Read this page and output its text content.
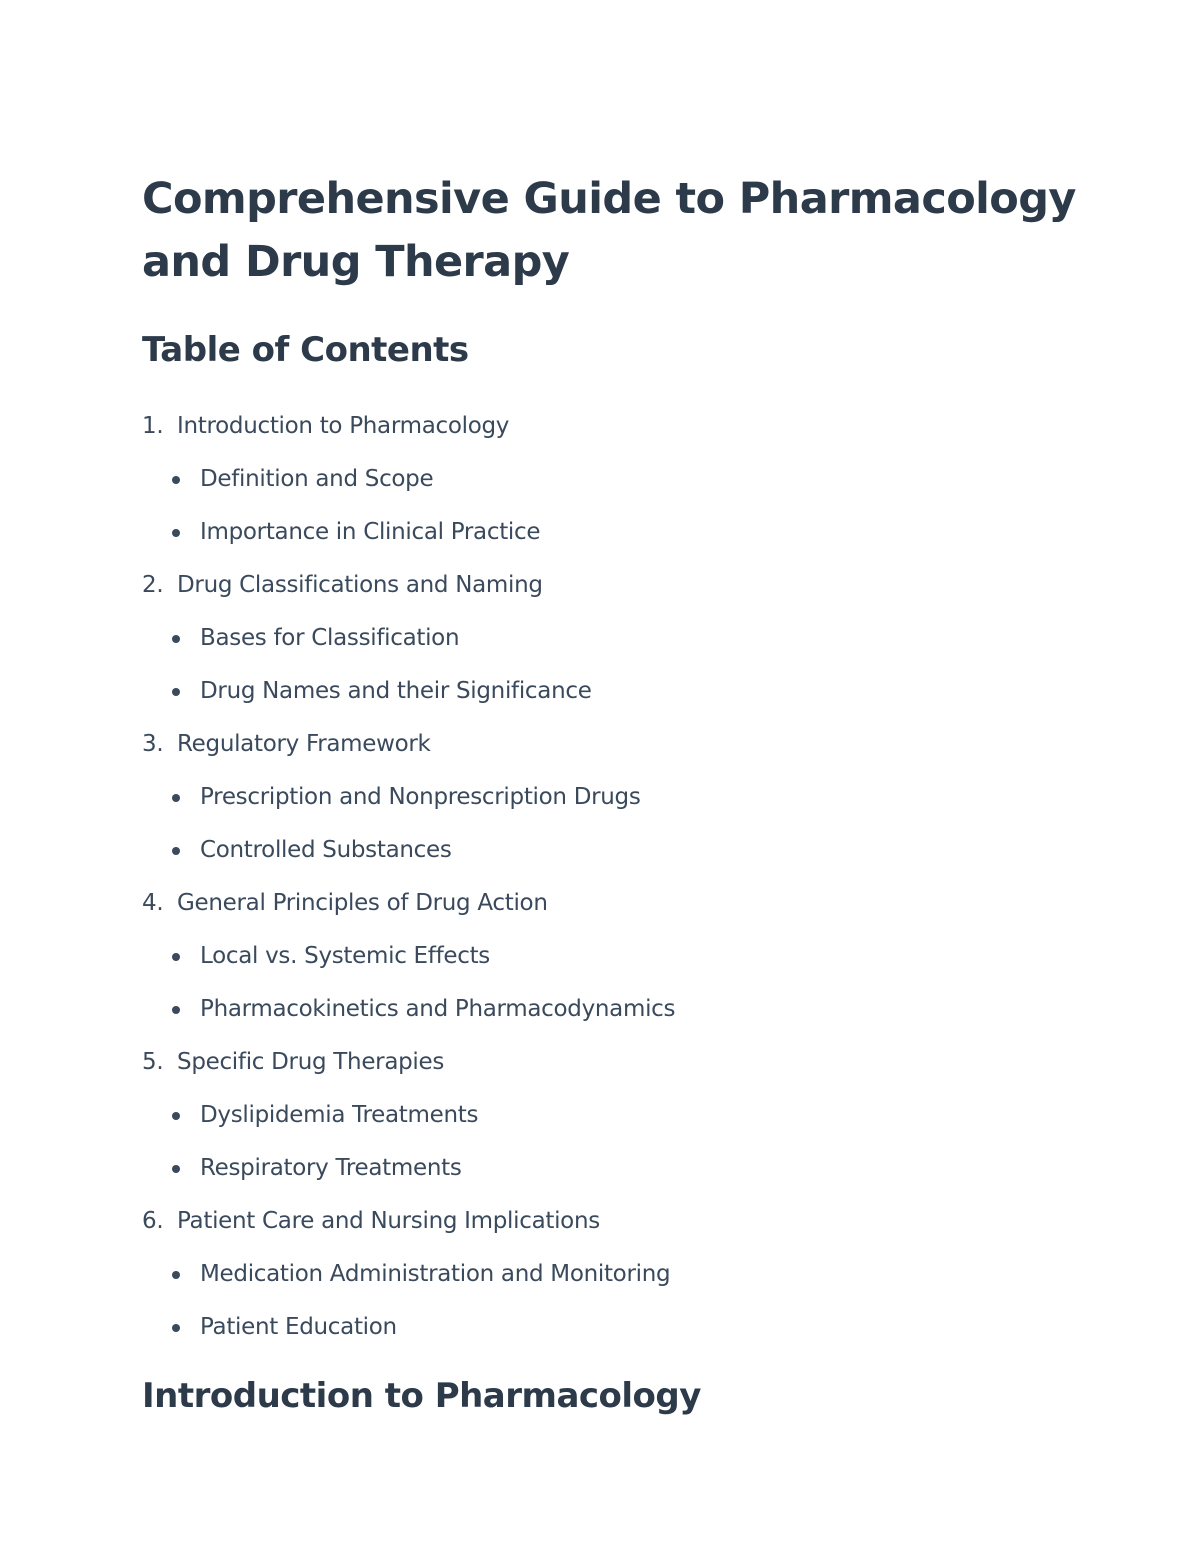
Comprehensive Guide to Pharmacology and Drug Therapy
Table of Contents
1. Introduction to Pharmacology
Definition and Scope
Importance in Clinical Practice
2. Drug Classifications and Naming
Bases for Classification
Drug Names and their Significance
3. Regulatory Framework
Prescription and Nonprescription Drugs
Controlled Substances
4. General Principles of Drug Action
Local vs. Systemic Effects
Pharmacokinetics and Pharmacodynamics
5. Specific Drug Therapies
Dyslipidemia Treatments
Respiratory Treatments
6. Patient Care and Nursing Implications
Medication Administration and Monitoring
Patient Education
Introduction to Pharmacology
